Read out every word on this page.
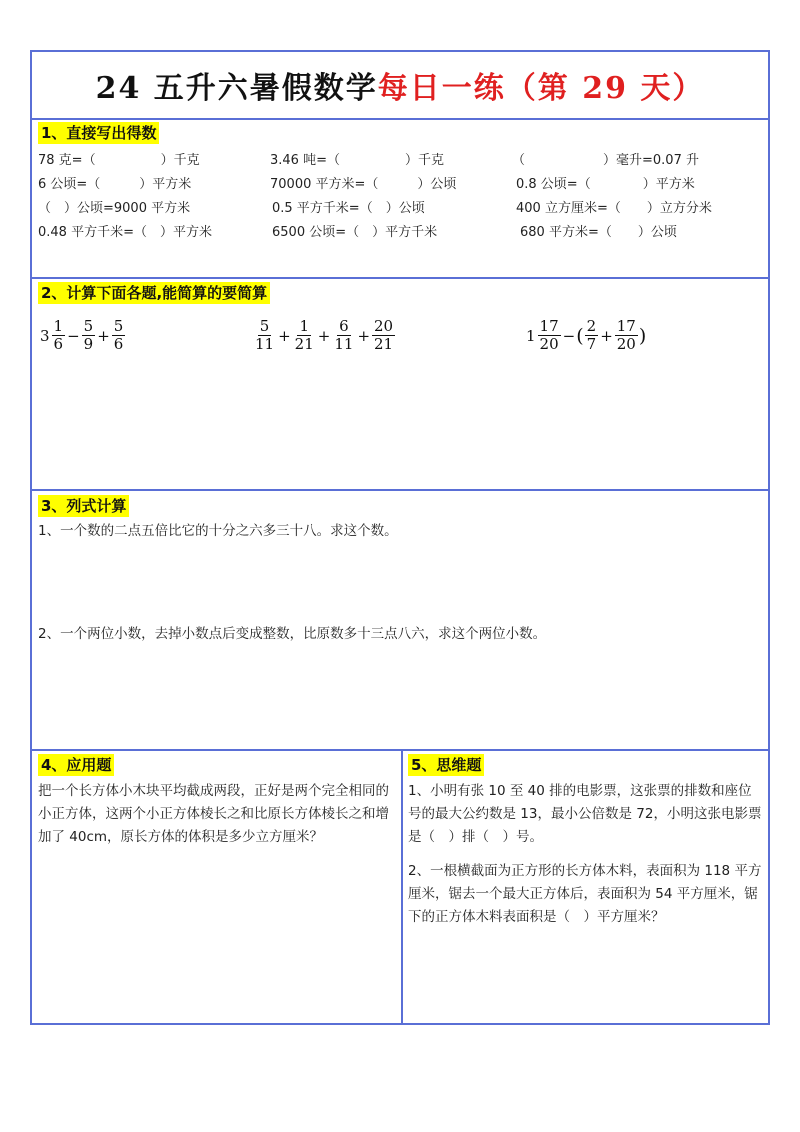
24 五升六暑假数学 每日一练（第 29 天）
1、直接写出得数
78 克=（　　　　　）千克	3.46 吨=（　　　　　）千克	（　　　　　　）毫升=0.07 升
6 公顷=（　　　）平方米	70000 平方米=（　　　）公顷	0.8 公顷=（　　　　）平方米
（　）公顷=9000 平方米	0.5 平方千米=（　）公顷	400 立方厘米=（　　）立方分米
0.48 平方千米=（　）平方米	6500 公顷=（　）平方千米	680 平方米=（　　）公顷
2、计算下面各题,能简算的要简算
$3 \frac{1}{6} - \frac{5}{9} + \frac{5}{6}$	$\frac{5}{11} + \frac{1}{21} + \frac{6}{11} + \frac{20}{21}$	$1 \frac{17}{20}$ − ( $\frac{2}{7} + \frac{17}{20}$ )
3、列式计算
1、一个数的二点五倍比它的十分之六多三十八。求这个数。
2、一个两位小数，去掉小数点后变成整数，比原数多十三点八六，求这个两位小数。
4、应用题
把一个长方体小木块平均截成两段，正好是两个完全相同的小正方体，这两个小正方体棱长之和比原长方体棱长之和增加了 40cm，原长方体的体积是多少立方厘米？
5、思维题
1、小明有张 10 至 40 排的电影票，这张票的排数和座位号的最大公约数是 13，最小公倍数是 72，小明这张电影票是（　）排（　）号。
2、一根横截面为正方形的长方体木料，表面积为 118 平方厘米，锯去一个最大正方体后，表面积为 54 平方厘米，锯下的正方体木料表面积是（　）平方厘米？
